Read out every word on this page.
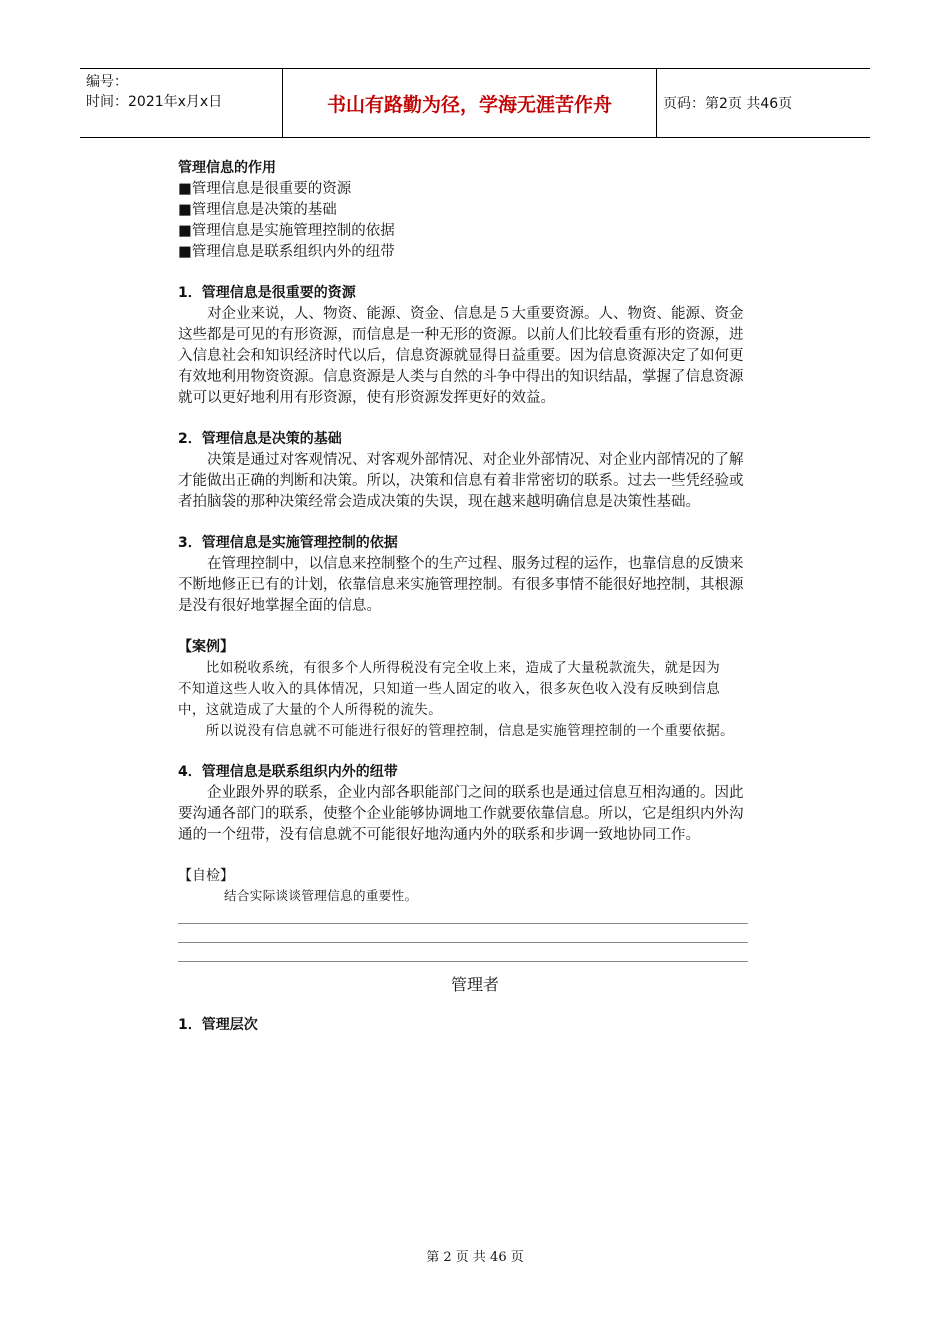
编号：
时间：2021年x月x日	书山有路勤为径，学海无涯苦作舟	页码：第2页 共46页

管理信息的作用

■管理信息是很重要的资源

■管理信息是决策的基础

■管理信息是实施管理控制的依据

■管理信息是联系组织内外的纽带

1．管理信息是很重要的资源

　　对企业来说，人、物资、能源、资金、信息是５大重要资源。人、物资、能源、资金

这些都是可见的有形资源，而信息是一种无形的资源。以前人们比较看重有形的资源，进

入信息社会和知识经济时代以后，信息资源就显得日益重要。因为信息资源决定了如何更

有效地利用物资资源。信息资源是人类与自然的斗争中得出的知识结晶，掌握了信息资源

就可以更好地利用有形资源，使有形资源发挥更好的效益。

2．管理信息是决策的基础

　　决策是通过对客观情况、对客观外部情况、对企业外部情况、对企业内部情况的了解

才能做出正确的判断和决策。所以，决策和信息有着非常密切的联系。过去一些凭经验或

者拍脑袋的那种决策经常会造成决策的失误，现在越来越明确信息是决策性基础。

3．管理信息是实施管理控制的依据

　　在管理控制中，以信息来控制整个的生产过程、服务过程的运作，也靠信息的反馈来

不断地修正已有的计划，依靠信息来实施管理控制。有很多事情不能很好地控制，其根源

是没有很好地掌握全面的信息。

【案例】

　　比如税收系统，有很多个人所得税没有完全收上来，造成了大量税款流失，就是因为

不知道这些人收入的具体情况，只知道一些人固定的收入，很多灰色收入没有反映到信息

中，这就造成了大量的个人所得税的流失。

　　所以说没有信息就不可能进行很好的管理控制，信息是实施管理控制的一个重要依据。

4．管理信息是联系组织内外的纽带

　　企业跟外界的联系，企业内部各职能部门之间的联系也是通过信息互相沟通的。因此

要沟通各部门的联系，使整个企业能够协调地工作就要依靠信息。所以，它是组织内外沟

通的一个纽带，没有信息就不可能很好地沟通内外的联系和步调一致地协同工作。

【自检】

结合实际谈谈管理信息的重要性。

管理者

1．管理层次

第 2 页 共 46 页
